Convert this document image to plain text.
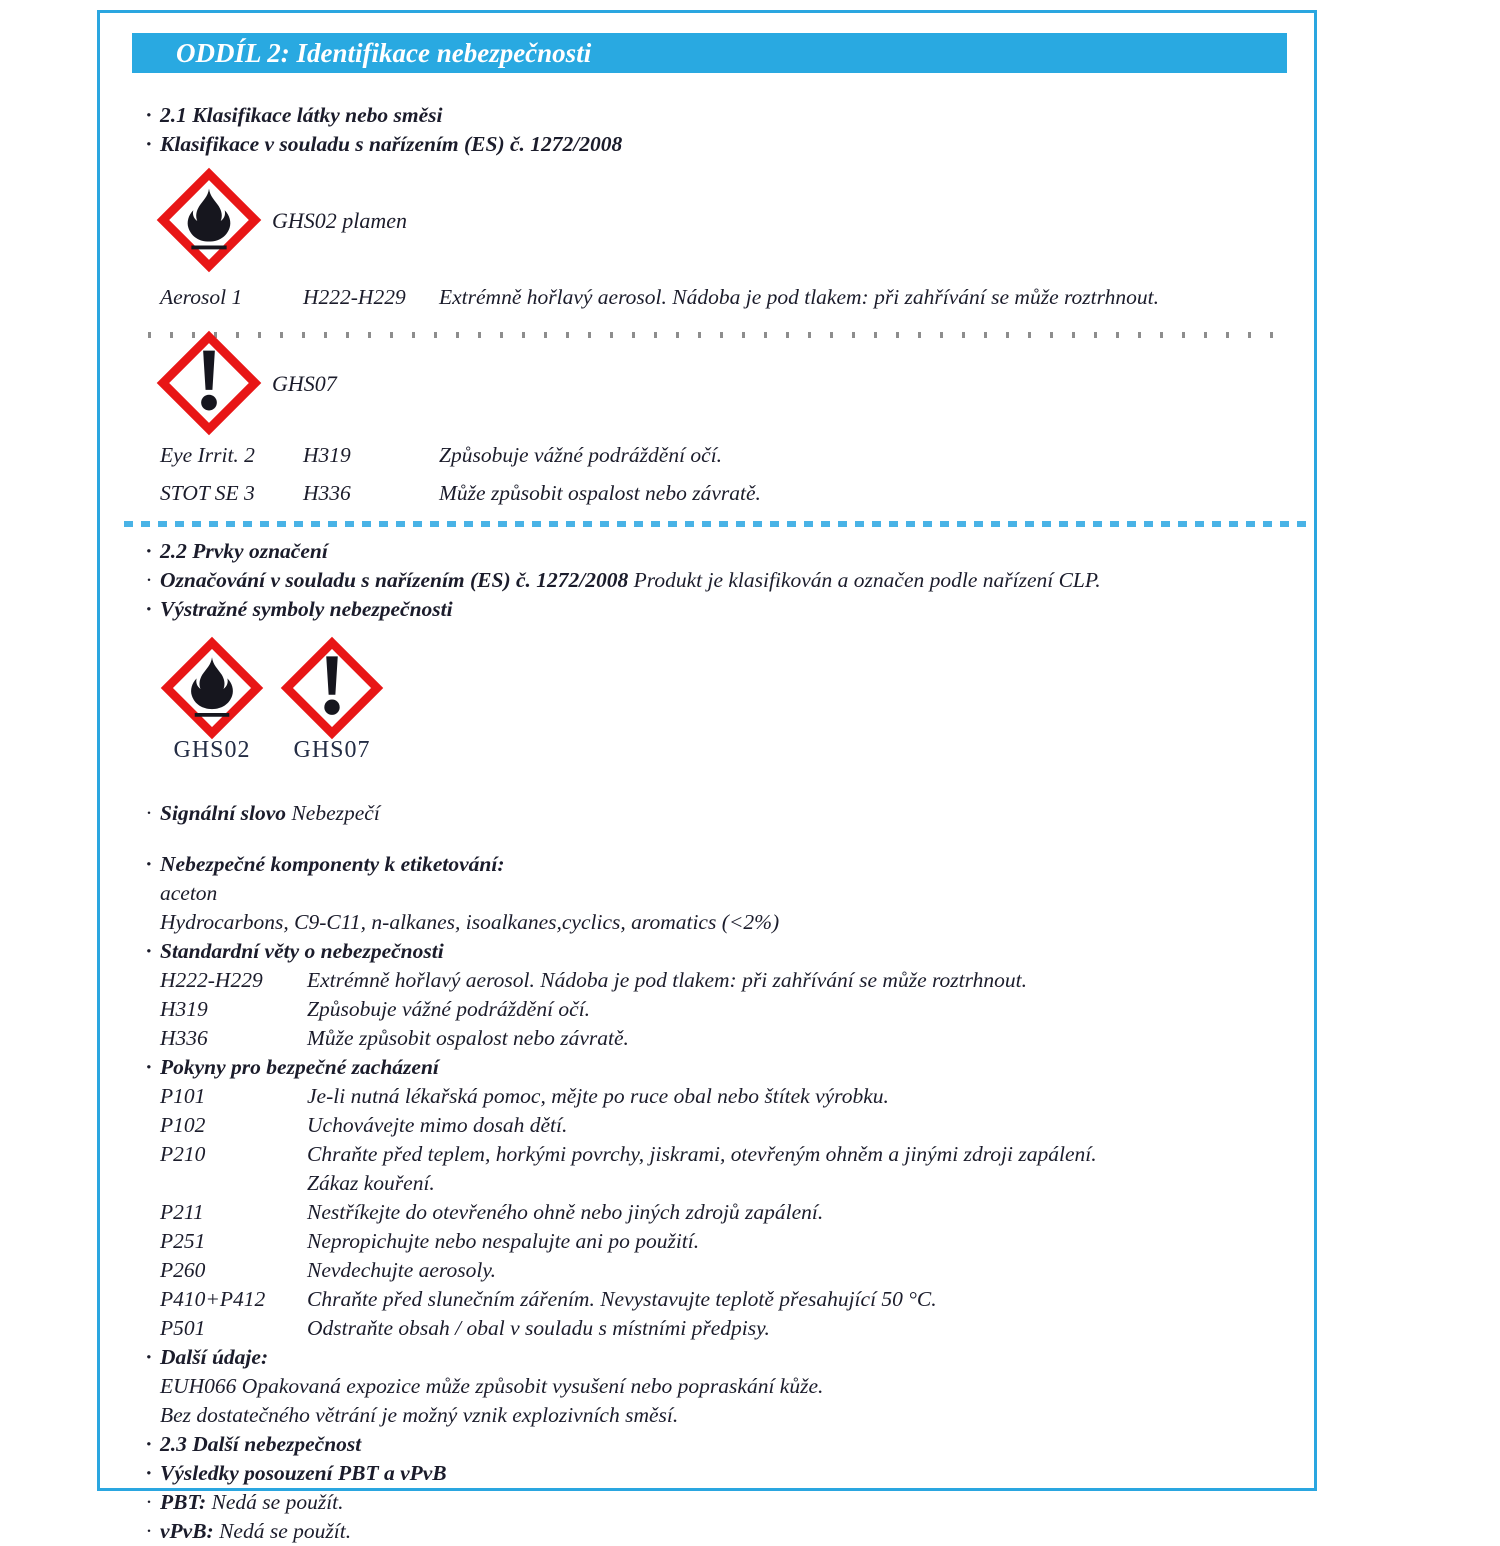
ODDÍL 2: Identifikace nebezpečnosti
· 2.1 Klasifikace látky nebo směsi
· Klasifikace v souladu s nařízením (ES) č. 1272/2008
GHS02 plamen
Aerosol 1	H222-H229	Extrémně hořlavý aerosol. Nádoba je pod tlakem: při zahřívání se může roztrhnout.
GHS07
Eye Irrit. 2	H319	Způsobuje vážné podráždění očí.
STOT SE 3	H336	Může způsobit ospalost nebo závratě.
· 2.2 Prvky označení
· Označování v souladu s nařízením (ES) č. 1272/2008 Produkt je klasifikován a označen podle nařízení CLP.
· Výstražné symboly nebezpečnosti
GHS02 GHS07
· Signální slovo Nebezpečí
· Nebezpečné komponenty k etiketování:
aceton
Hydrocarbons, C9-C11, n-alkanes, isoalkanes,cyclics, aromatics (<2%)
· Standardní věty o nebezpečnosti
H222-H229	Extrémně hořlavý aerosol. Nádoba je pod tlakem: při zahřívání se může roztrhnout.
H319	Způsobuje vážné podráždění očí.
H336	Může způsobit ospalost nebo závratě.
· Pokyny pro bezpečné zacházení
P101	Je-li nutná lékařská pomoc, mějte po ruce obal nebo štítek výrobku.
P102	Uchovávejte mimo dosah dětí.
P210	Chraňte před teplem, horkými povrchy, jiskrami, otevřeným ohněm a jinými zdroji zapálení.
Zákaz kouření.
P211	Nestříkejte do otevřeného ohně nebo jiných zdrojů zapálení.
P251	Nepropichujte nebo nespalujte ani po použití.
P260	Nevdechujte aerosoly.
P410+P412	Chraňte před slunečním zářením. Nevystavujte teplotě přesahující 50 °C.
P501	Odstraňte obsah / obal v souladu s místními předpisy.
· Další údaje:
EUH066 Opakovaná expozice může způsobit vysušení nebo popraskání kůže.
Bez dostatečného větrání je možný vznik explozivních směsí.
· 2.3 Další nebezpečnost
· Výsledky posouzení PBT a vPvB
· PBT: Nedá se použít.
· vPvB: Nedá se použít.
